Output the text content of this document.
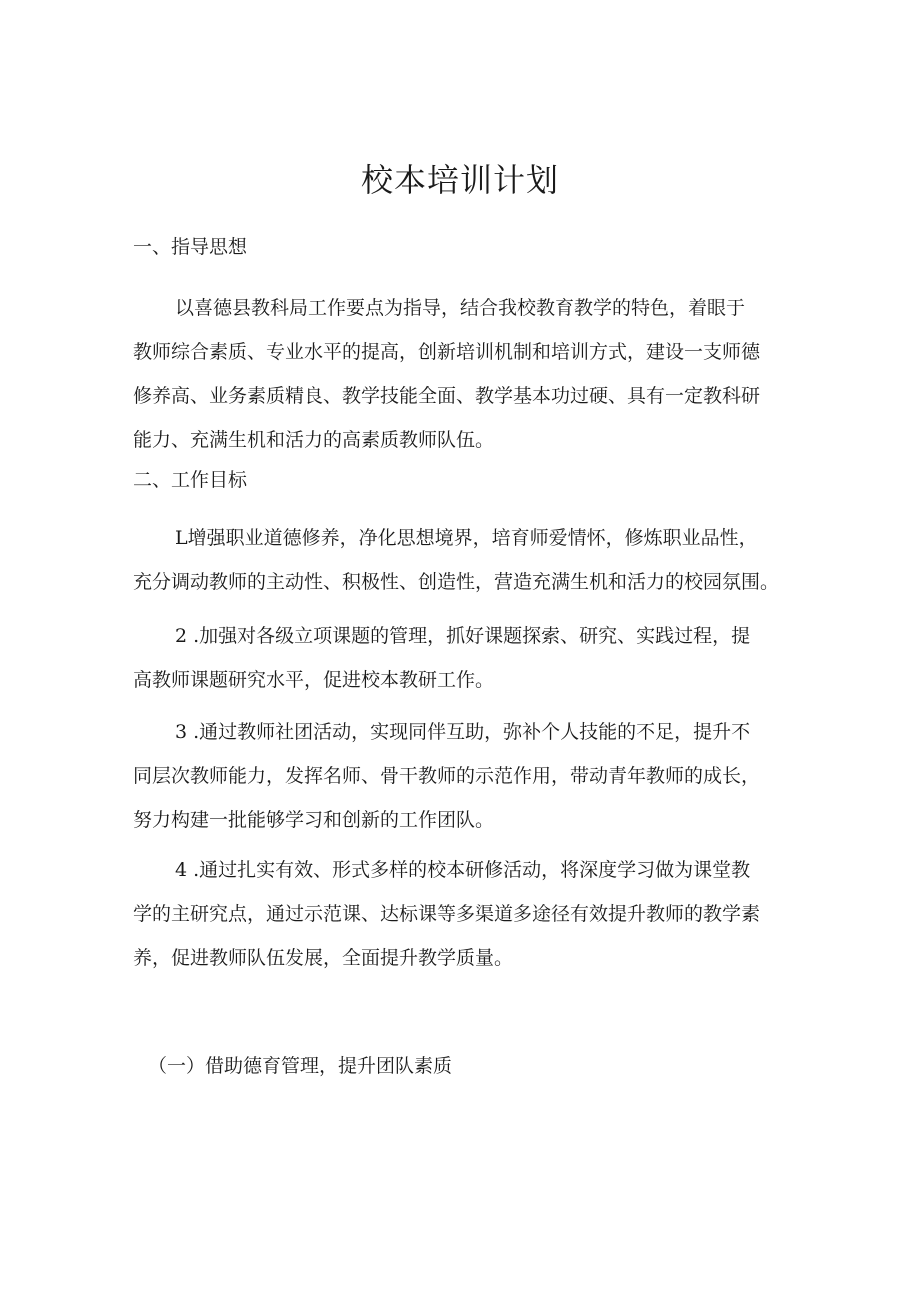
校本培训计划
一、指导思想
以喜德县教科局工作要点为指导，结合我校教育教学的特色，着眼于
教师综合素质、专业水平的提高，创新培训机制和培训方式，建设一支师德
修养高、业务素质精良、教学技能全面、教学基本功过硬、具有一定教科研
能力、充满生机和活力的高素质教师队伍。
二、工作目标
L增强职业道德修养，净化思想境界，培育师爱情怀，修炼职业品性，
充分调动教师的主动性、积极性、创造性，营造充满生机和活力的校园氛围。
2 .加强对各级立项课题的管理，抓好课题探索、研究、实践过程，提
高教师课题研究水平，促进校本教研工作。
3 .通过教师社团活动，实现同伴互助，弥补个人技能的不足，提升不
同层次教师能力，发挥名师、骨干教师的示范作用，带动青年教师的成长，
努力构建一批能够学习和创新的工作团队。
4 .通过扎实有效、形式多样的校本研修活动，将深度学习做为课堂教
学的主研究点，通过示范课、达标课等多渠道多途径有效提升教师的教学素
养，促进教师队伍发展，全面提升教学质量。
（一）借助德育管理，提升团队素质
